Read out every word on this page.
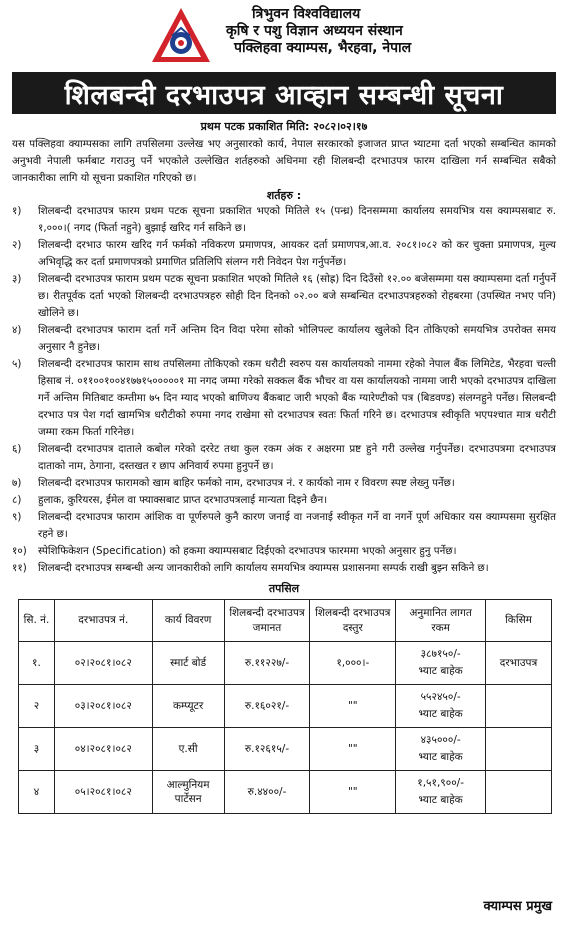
त्रिभुवन विश्वविद्यालय
कृषि र पशु विज्ञान अध्ययन संस्थान
पक्लिहवा क्याम्पस, भैरहवा, नेपाल
शिलबन्दी दरभाउपत्र आव्हान सम्बन्धी सूचना
प्रथम पटक प्रकाशित मिति: २०८२।०२।१७

यस पक्लिहवा क्याम्पसका लागि तपसिलमा उल्लेख भए अनुसारको कार्य, नेपाल सरकारको इजाजत प्राप्त भ्याटमा दर्ता भएको सम्बन्धित कामको अनुभवी नेपाली फर्मबाट गराउनु पर्ने भएकोले उल्लेखित शर्तहरुको अधिनमा रही शिलबन्दी दरभाउपत्र फारम दाखिला गर्न सम्बन्धित सबैको जानकारीका लागि यो सूचना प्रकाशित गरिएको छ।

शर्तहरु :
१)	शिलबन्दी दरभाउपत्र फारम प्रथम पटक सूचना प्रकाशित भएको मितिले १५ (पन्ध्र) दिनसम्ममा कार्यालय समयभित्र यस क्याम्पसबाट रु. १,०००।( नगद (फिर्ता नहुने) बुझाई खरिद गर्न सकिने छ।
२)	शिलबन्दी दरभाउ फारम खरिद गर्न फर्मको नविकरण प्रमाणपत्र, आयकर दर्ता प्रमाणपत्र,आ.व. २०८१।०८२ को कर चुक्ता प्रमाणपत्र, मुल्य अभिवृद्धि कर दर्ता प्रमाणपत्रको प्रमाणित प्रतिलिपि संलग्न गरी निवेदन पेश गर्नुपर्नेछ।
३)	शिलबन्दी दरभाउपत्र फाराम प्रथम पटक सूचना प्रकाशित भएको मितिले १६ (सोह्र) दिन दिउँसो १२.०० बजेसम्ममा यस क्याम्पसमा दर्ता गर्नुपर्ने छ। रीतपूर्वक दर्ता भएको शिलबन्दी दरभाउपत्रहरु सोही दिन दिनको ०२.०० बजे सम्बन्धित दरभाउपत्रहरुको रोहबरमा (उपस्थित नभए पनि) खोलिने छ।
४)	शिलबन्दी दरभाउपत्र फाराम दर्ता गर्ने अन्तिम दिन विदा परेमा सोको भोलिपल्ट कार्यालय खुलेको दिन तोकिएको समयभित्र उपरोक्त समय अनुसार नै हुनेछ।
५)	शिलबन्दी दरभाउपत्र फाराम साथ तपसिलमा तोकिएको रकम धरौटी स्वरुप यस कार्यालयको नाममा रहेको नेपाल बैंक लिमिटेड, भैरहवा चल्ती हिसाब नं. ०११००१००४१७७१५०००००१ मा नगद जम्मा गरेको सक्कल बैंक भौचर वा यस कार्यालयको नाममा जारी भएको दरभाउपत्र दाखिला गर्ने अन्तिम मितिबाट कम्तीमा ७५ दिन म्याद भएको बाणिज्य बैंकबाट जारी भएको बैंक ग्यारेण्टीको पत्र (बिडवण्ड) संलग्नहुने पर्नेछ। सिलबन्दी दरभाउ पत्र पेश गर्दा खामभित्र धरौटीको रुपमा नगद राखेमा सो दरभाउपत्र स्वतः फिर्ता गरिने छ। दरभाउपत्र स्वीकृति भएपश्चात मात्र धरौटी जम्मा रकम फिर्ता गरिनेछ।
६)	शिलबन्दी दरभाउपत्र दाताले कबोल गरेको दररेट तथा कुल रकम अंक र अक्षरमा प्रष्ट हुने गरी उल्लेख गर्नुपर्नेछ। दरभाउपत्रमा दरभाउपत्र दाताको नाम, ठेगाना, दस्तखत र छाप अनिवार्य रुपमा हुनुपर्ने छ।
७)	शिलबन्दी दरभाउपत्र फारामको खाम बाहिर फर्मको नाम, दरभाउपत्र नं. र कार्यको नाम र विवरण स्पष्ट लेख्नु पर्नेछ।
८)	हुलाक, कुरियरस, ईमेल वा फ्याक्सबाट प्राप्त दरभाउपत्रलाई मान्यता दिइने छैन।
९)	शिलबन्दी दरभाउपत्र फाराम आंशिक वा पूर्णरुपले कुनै कारण जनाई वा नजनाई स्वीकृत गर्ने वा नगर्ने पूर्ण अधिकार यस क्याम्पसमा सुरक्षित रहने छ।
१०)	स्पेशिफिकेशन (Specification) को हकमा क्याम्पसबाट दिईएको दरभाउपत्र फारममा भएको अनुसार हुनु पर्नेछ।
११)	शिलबन्दी दरभाउपत्र सम्बन्धी अन्य जानकारीको लागि कार्यालय समयभित्र क्याम्पस प्रशासनमा सम्पर्क राखी बुझ्न सकिने छ।
तपसिल
सि. नं.	दरभाउपत्र नं.	कार्य विवरण	शिलबन्दी दरभाउपत्र जमानत	शिलबन्दी दरभाउपत्र दस्तुर	अनुमानित लागत रकम	किसिम
१.	०२।२०८१।०८२	स्मार्ट बोर्ड	रु.११२२७/-	१,०००।-	३८७१५०/-
भ्याट बाहेक	दरभाउपत्र
२	०३।२०८१।०८२	कम्प्यूटर	रु.१६०२१/-	""	५५२४५०/-
भ्याट बाहेक	

३	०४।२०८१।०८२	ए.सी	रु.१२६१५/-	""	४३५०००/-
भ्याट बाहेक	

४	०५।२०८१।०८२	आल्मुनियम पार्टेसन	रु.४४००/-	""	१,५१,९००/-
भ्याट बाहेक	

क्याम्पस प्रमुख
